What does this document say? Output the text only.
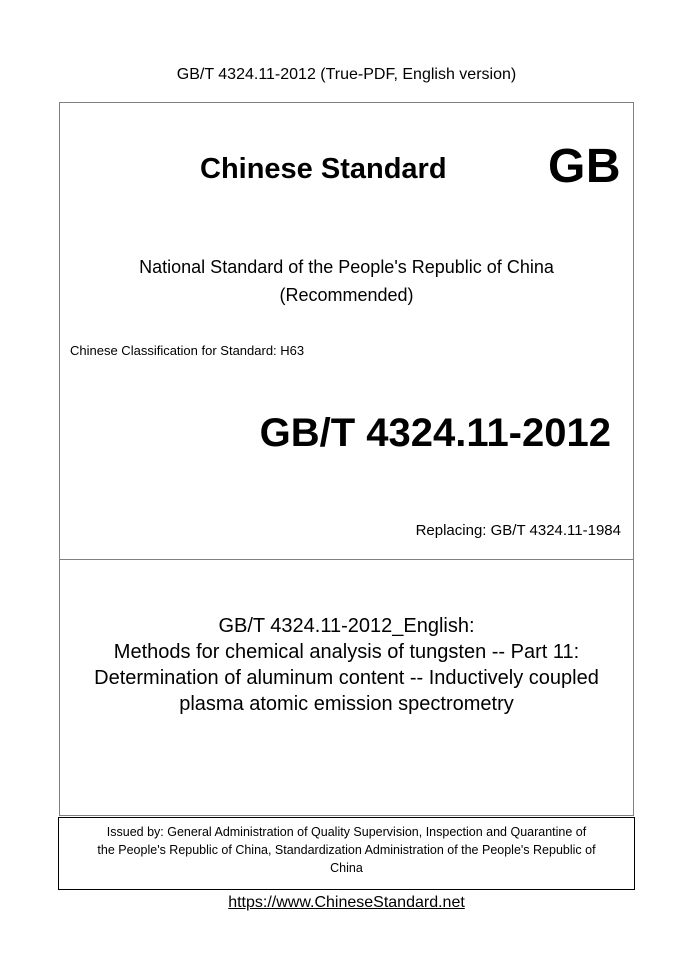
GB/T 4324.11-2012 (True-PDF, English version)
Chinese Standard GB
National Standard of the People's Republic of China
(Recommended)
Chinese Classification for Standard: H63
GB/T 4324.11-2012
Replacing: GB/T 4324.11-1984
GB/T 4324.11-2012_English:
Methods for chemical analysis of tungsten -- Part 11:
Determination of aluminum content -- Inductively coupled
plasma atomic emission spectrometry
Issued by: General Administration of Quality Supervision, Inspection and Quarantine of
the People's Republic of China, Standardization Administration of the People's Republic of
China
https://www.ChineseStandard.net
